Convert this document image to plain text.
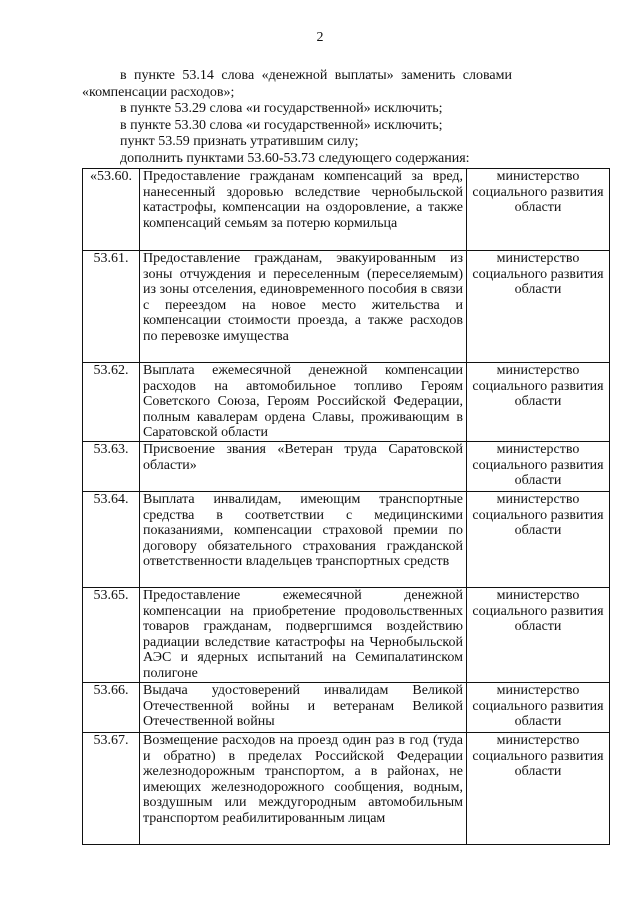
2

в пункте 53.14 слова «денежной выплаты» заменить словами «компенсации расходов»;

в пункте 53.29 слова «и государственной» исключить;

в пункте 53.30 слова «и государственной» исключить;

пункт 53.59 признать утратившим силу;

дополнить пунктами 53.60-53.73 следующего содержания:

«53.60.	Предоставление гражданам компенсаций за вред, нанесенный здоровью вследствие чернобыльской катастрофы, компенсации на оздоровление, а также компенсаций семьям за потерю кормильца	министерство социального развития области
53.61.	Предоставление гражданам, эвакуированным из зоны отчуждения и переселенным (переселяемым) из зоны отселения, единовременного пособия в связи с переездом на новое место жительства и компенсации стоимости проезда, а также расходов по перевозке имущества	министерство социального развития области
53.62.	Выплата ежемесячной денежной компенсации расходов на автомобильное топливо Героям Советского Союза, Героям Российской Федерации, полным кавалерам ордена Славы, проживающим в Саратовской области	министерство социального развития области
53.63.	Присвоение звания «Ветеран труда Саратовской области»	министерство социального развития области
53.64.	Выплата инвалидам, имеющим транспортные средства в соответствии с медицинскими показаниями, компенсации страховой премии по договору обязательного страхования гражданской ответственности владельцев транспортных средств	министерство социального развития области
53.65.	Предоставление ежемесячной денежной компенсации на приобретение продовольственных товаров гражданам, подвергшимся воздействию радиации вследствие катастрофы на Чернобыльской АЭС и ядерных испытаний на Семипалатинском полигоне	министерство социального развития области
53.66.	Выдача удостоверений инвалидам Великой Отечественной войны и ветеранам Великой Отечественной войны	министерство социального развития области
53.67.	Возмещение расходов на проезд один раз в год (туда и обратно) в пределах Российской Федерации железнодорожным транспортом, а в районах, не имеющих железнодорожного сообщения, водным, воздушным или междугородным автомобильным транспортом реабилитированным лицам	министерство социального развития области
